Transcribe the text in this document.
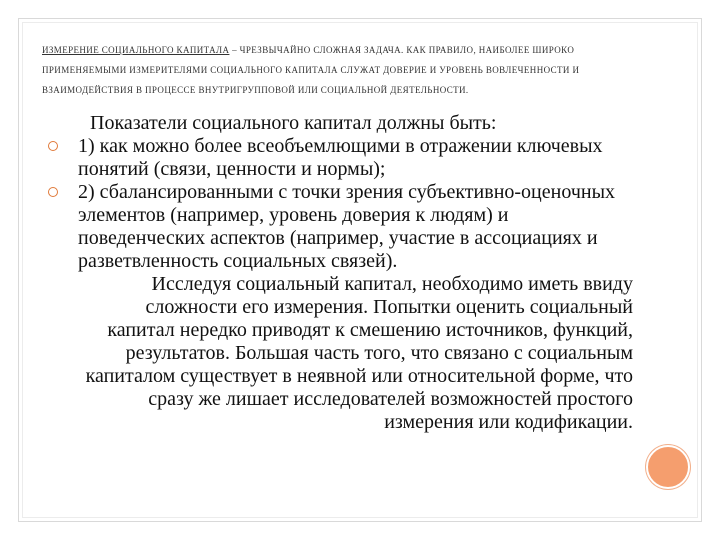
ИЗМЕРЕНИЕ СОЦИАЛЬНОГО КАПИТАЛА – ЧРЕЗВЫЧАЙНО СЛОЖНАЯ ЗАДАЧА. КАК ПРАВИЛО, НАИБОЛЕЕ ШИРОКО ПРИМЕНЯЕМЫМИ ИЗМЕРИТЕЛЯМИ СОЦИАЛЬНОГО КАПИТАЛА СЛУЖАТ ДОВЕРИЕ И УРОВЕНЬ ВОВЛЕЧЕННОСТИ И ВЗАИМОДЕЙСТВИЯ В ПРОЦЕССЕ ВНУТРИГРУППОВОЙ ИЛИ СОЦИАЛЬНОЙ ДЕЯТЕЛЬНОСТИ.

Показатели социального капитал должны быть:

1) как можно более всеобъемлющими в отражении ключевых понятий (связи, ценности и нормы);

2) сбалансированными с точки зрения субъективно-оценочных элементов (например, уровень доверия к людям) и поведенческих аспектов (например, участие в ассоциациях и разветвленность социальных связей).

Исследуя социальный капитал, необходимо иметь ввиду сложности его измерения. Попытки оценить социальный капитал нередко приводят к смешению источников, функций, результатов. Большая часть того, что связано с социальным капиталом существует в неявной или относительной форме, что сразу же лишает исследователей возможностей простого измерения или кодификации.
